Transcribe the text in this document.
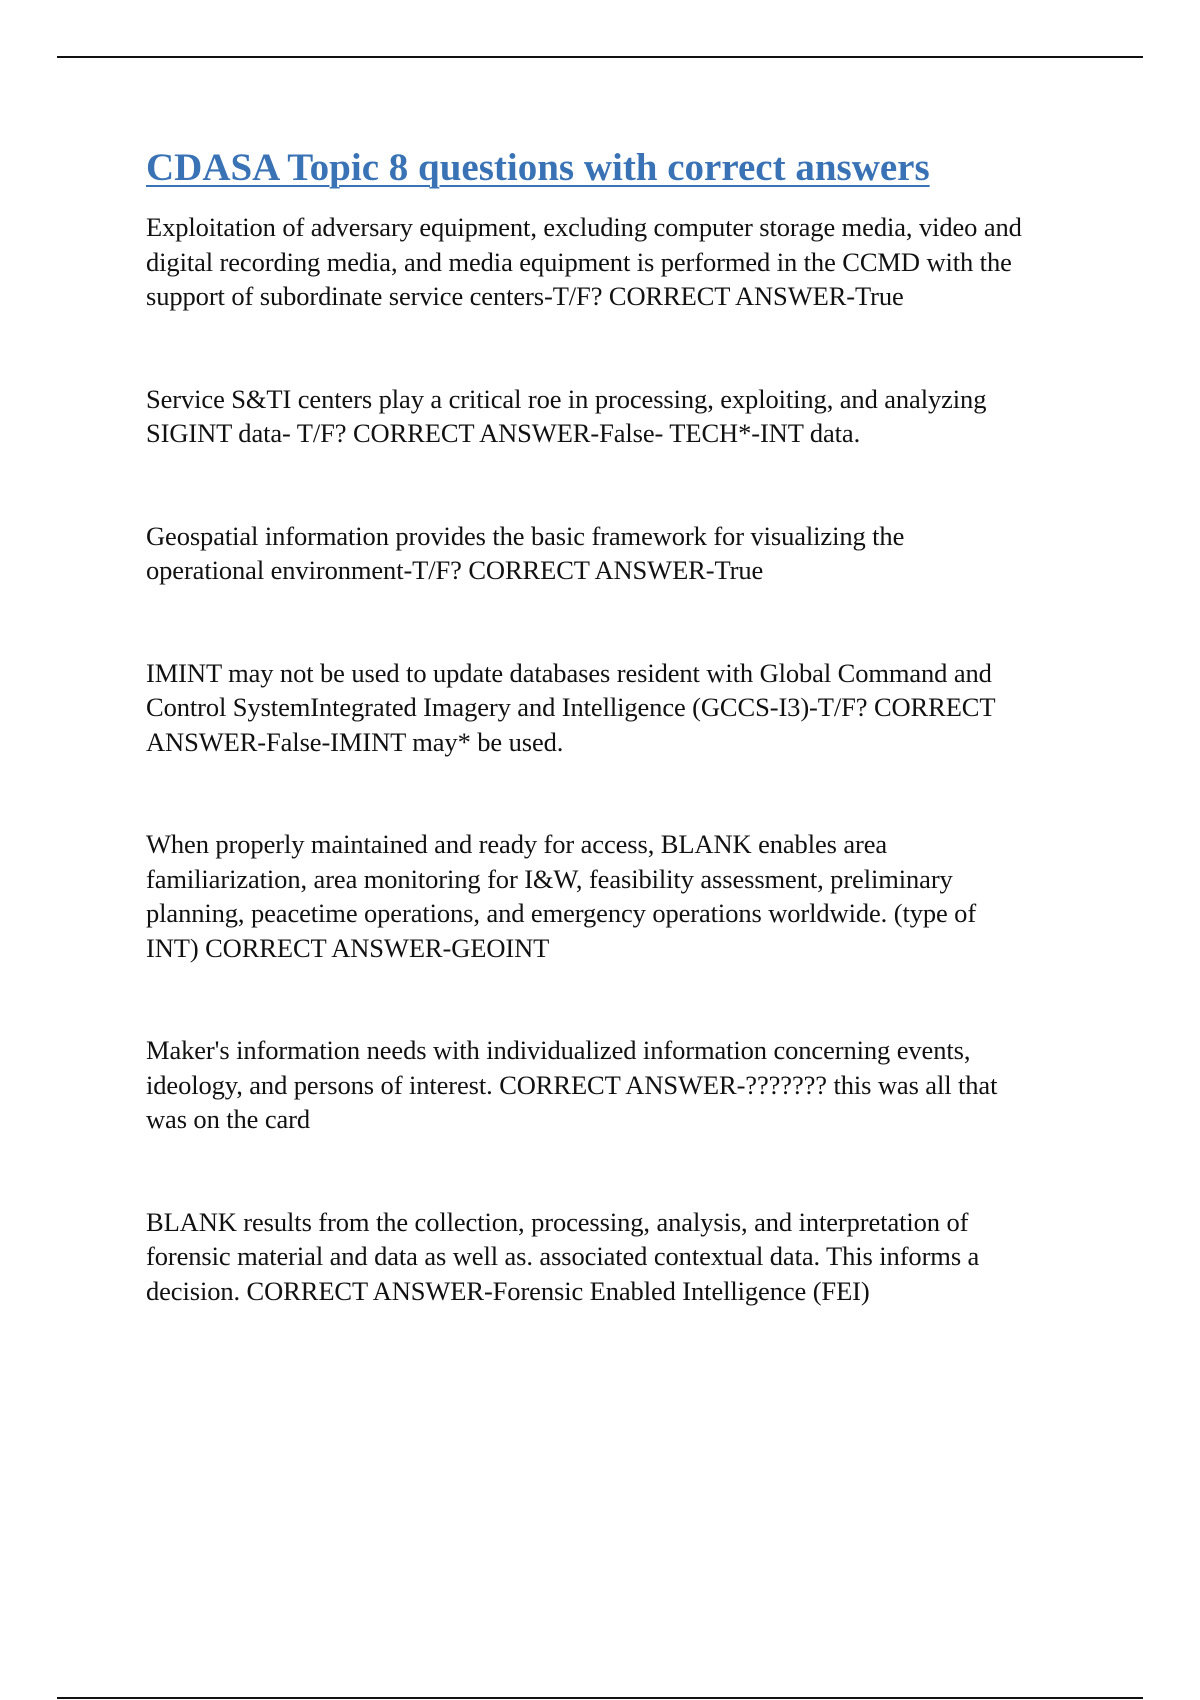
CDASA Topic 8 questions with correct answers

Exploitation of adversary equipment, excluding computer storage media, video and
digital recording media, and media equipment is performed in the CCMD with the
support of subordinate service centers-T/F? CORRECT ANSWER-True

Service S&TI centers play a critical roe in processing, exploiting, and analyzing
SIGINT data- T/F? CORRECT ANSWER-False- TECH*-INT data.

Geospatial information provides the basic framework for visualizing the
operational environment-T/F? CORRECT ANSWER-True

IMINT may not be used to update databases resident with Global Command and
Control SystemIntegrated Imagery and Intelligence (GCCS-I3)-T/F? CORRECT
ANSWER-False-IMINT may* be used.

When properly maintained and ready for access, BLANK enables area
familiarization, area monitoring for I&W, feasibility assessment, preliminary
planning, peacetime operations, and emergency operations worldwide. (type of
INT) CORRECT ANSWER-GEOINT

Maker's information needs with individualized information concerning events,
ideology, and persons of interest. CORRECT ANSWER-??????? this was all that
was on the card

BLANK results from the collection, processing, analysis, and interpretation of
forensic material and data as well as. associated contextual data. This informs a
decision. CORRECT ANSWER-Forensic Enabled Intelligence (FEI)
